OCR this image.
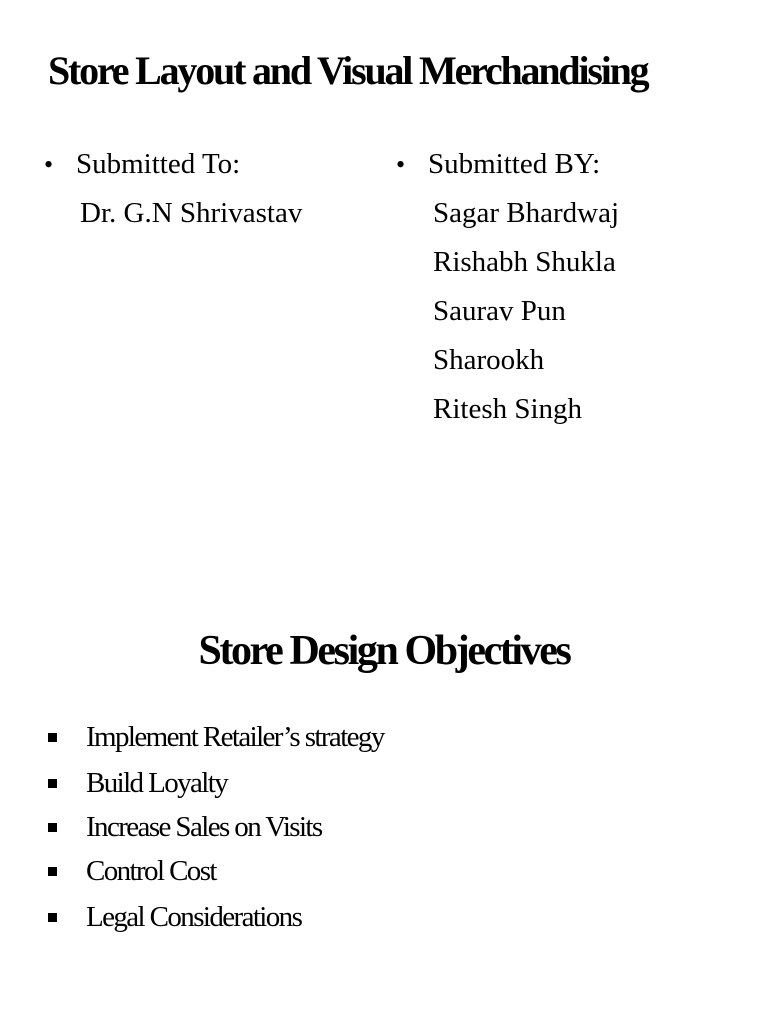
Store Layout and Visual Merchandising
• Submitted To:
Dr. G.N Shrivastav
• Submitted BY:
Sagar Bhardwaj
Rishabh Shukla
Saurav Pun
Sharookh
Ritesh Singh
Store Design Objectives
Implement Retailer’s strategy
Build Loyalty
Increase Sales on Visits
Control Cost
Legal Considerations
